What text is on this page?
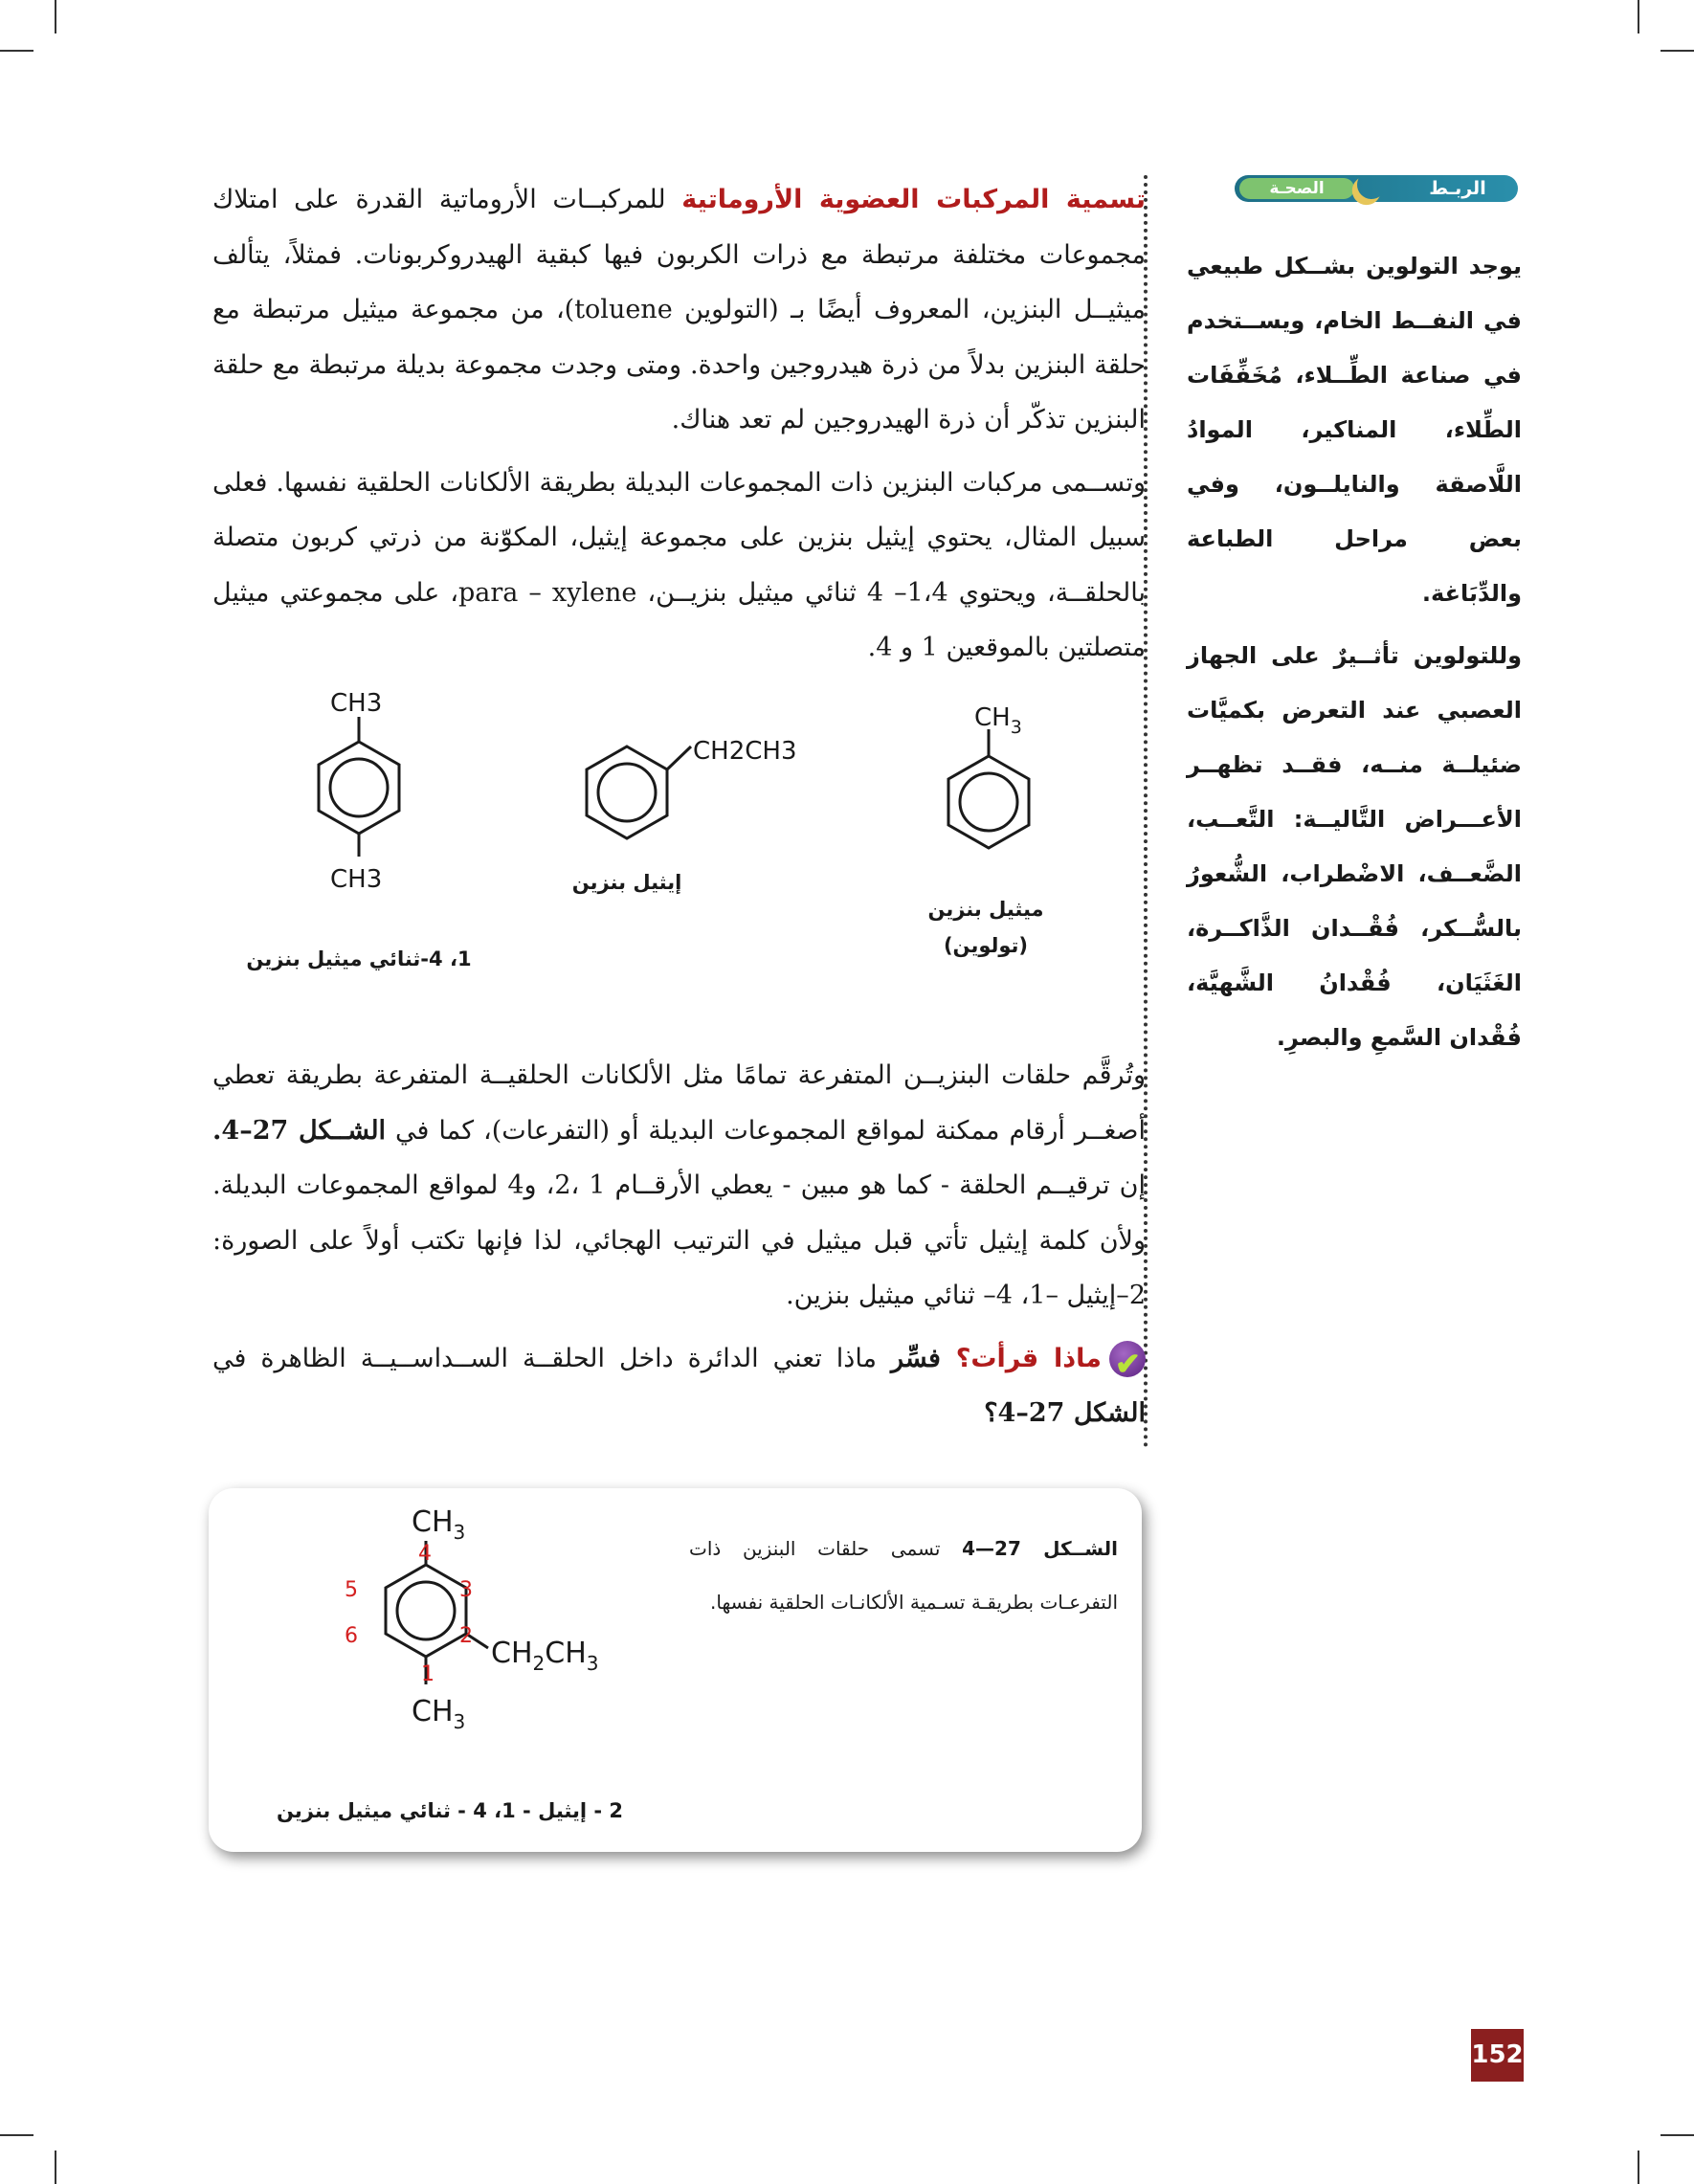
تسمية المركبات العضوية الأروماتية للمركبــات الأروماتية القدرة على امتلاك مجموعات مختلفة مرتبطة مع ذرات الكربون فيها كبقية الهيدروكربونات. فمثلاً، يتألف ميثيــل البنزين، المعروف أيضًا بـ (التولوين toluene)، من مجموعة ميثيل مرتبطة مع حلقة البنزين بدلاً من ذرة هيدروجين واحدة. ومتى وجدت مجموعة بديلة مرتبطة مع حلقة البنزين تذكّر أن ذرة الهيدروجين لم تعد هناك.

وتســمى مركبات البنزين ذات المجموعات البديلة بطريقة الألكانات الحلقية نفسها. فعلى سبيل المثال، يحتوي إيثيل بنزين على مجموعة إيثيل، المكوّنة من ذرتي كربون متصلة بالحلقــة، ويحتوي 1،4– 4 ثنائي ميثيل بنزيــن، para – xylene، على مجموعتي ميثيل متصلتين بالموقعين 1 و 4.

الصحـة	الربـط

يوجد التولوين بشــكل طبيعي في النفــط الخام، ويســتخدم في صناعة الطِّــلاء، مُخَفِّفَات الطِّلاء، المناكير، الموادُ اللَّاصقة والنايلــون، وفي بعض مراحل الطباعة والدِّبَاغة.

وللتولوين تأثــيرٌ على الجهاز العصبي عند التعرض بكميَّات ضئيلــة منــه، فقــد تظهــر الأعـــراض التَّاليــة: التَّعــب، الضَّعــف، الاضْطراب، الشُّعورُ بالسُّــكر، فُقْــدان الذَّاكــرة، الغَثَيَان، فُقْدانُ الشَّهيَّة، فُقْدان السَّمعِ والبصرِ.

$CH_3$
ميثيل بنزين
(تولوين)
CH2CH3
إيثيل بنزين
CH3
CH3
1، 4-ثنائي ميثيل بنزين

وتُرقَّم حلقات البنزيــن المتفرعة تمامًا مثل الألكانات الحلقيــة المتفرعة بطريقة تعطي أصغــر أرقام ممكنة لمواقع المجموعات البديلة أو (التفرعات)، كما في الشــكل 27–4. إن ترقيــم الحلقة - كما هو مبين - يعطي الأرقــام 1 ،2، و4 لمواقع المجموعات البديلة. ولأن كلمة إيثيل تأتي قبل ميثيل في الترتيب الهجائي، لذا فإنها تكتب أولاً على الصورة: 2–إيثيل –1، 4– ثنائي ميثيل بنزين.

✔ماذا قرأت؟ فسِّر ماذا تعني الدائرة داخل الحلقــة الســداســيــة الظاهرة في الشكل 27–4؟

الشــكل 27—4 تسمى حلقات البنزين ذات التفرعـات بطريقـة تسـمية الألكانـات الحلقية نفسها.
$CH_3$
$CH_2CH_3$
$CH_3$
4
3
2
1
6
5
2 - إيثيل - 1، 4 - ثنائي ميثيل بنزين
152
